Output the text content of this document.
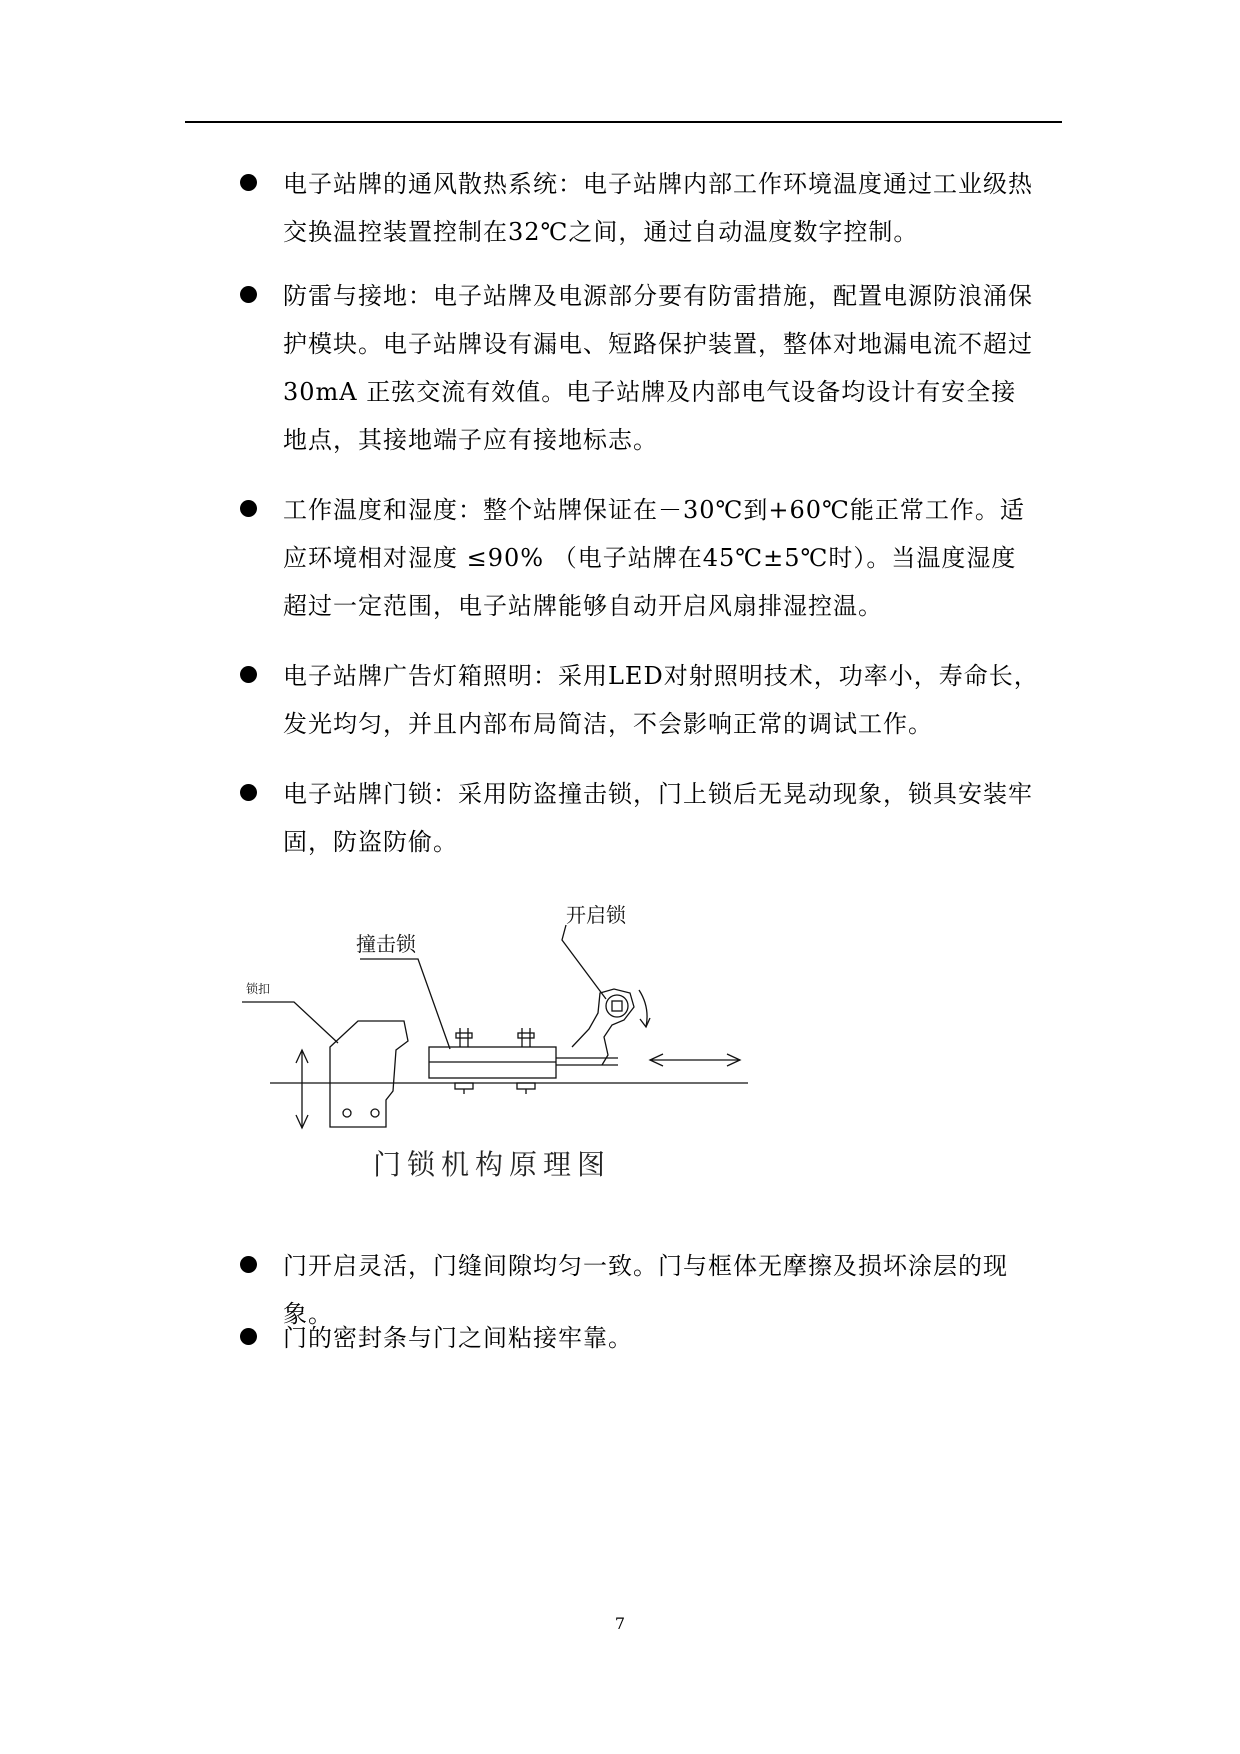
电子站牌的通风散热系统：电子站牌内部工作环境温度通过工业级热交换温控装置控制在32℃之间，通过自动温度数字控制。

防雷与接地：电子站牌及电源部分要有防雷措施，配置电源防浪涌保护模块。电子站牌设有漏电、短路保护装置，整体对地漏电流不超过30mA 正弦交流有效值。电子站牌及内部电气设备均设计有安全接地点，其接地端子应有接地标志。

工作温度和湿度：整个站牌保证在－30℃到+60℃能正常工作。适应环境相对湿度 ≤90% （电子站牌在45℃±5℃时）。当温度湿度超过一定范围，电子站牌能够自动开启风扇排湿控温。

电子站牌广告灯箱照明：采用LED对射照明技术，功率小，寿命长，发光均匀，并且内部布局简洁，不会影响正常的调试工作。

电子站牌门锁：采用防盗撞击锁，门上锁后无晃动现象，锁具安装牢固，防盗防偷。

锁扣
撞击锁
开启锁
门锁机构原理图

门开启灵活，门缝间隙均匀一致。门与框体无摩擦及损坏涂层的现象。

门的密封条与门之间粘接牢靠。

7
